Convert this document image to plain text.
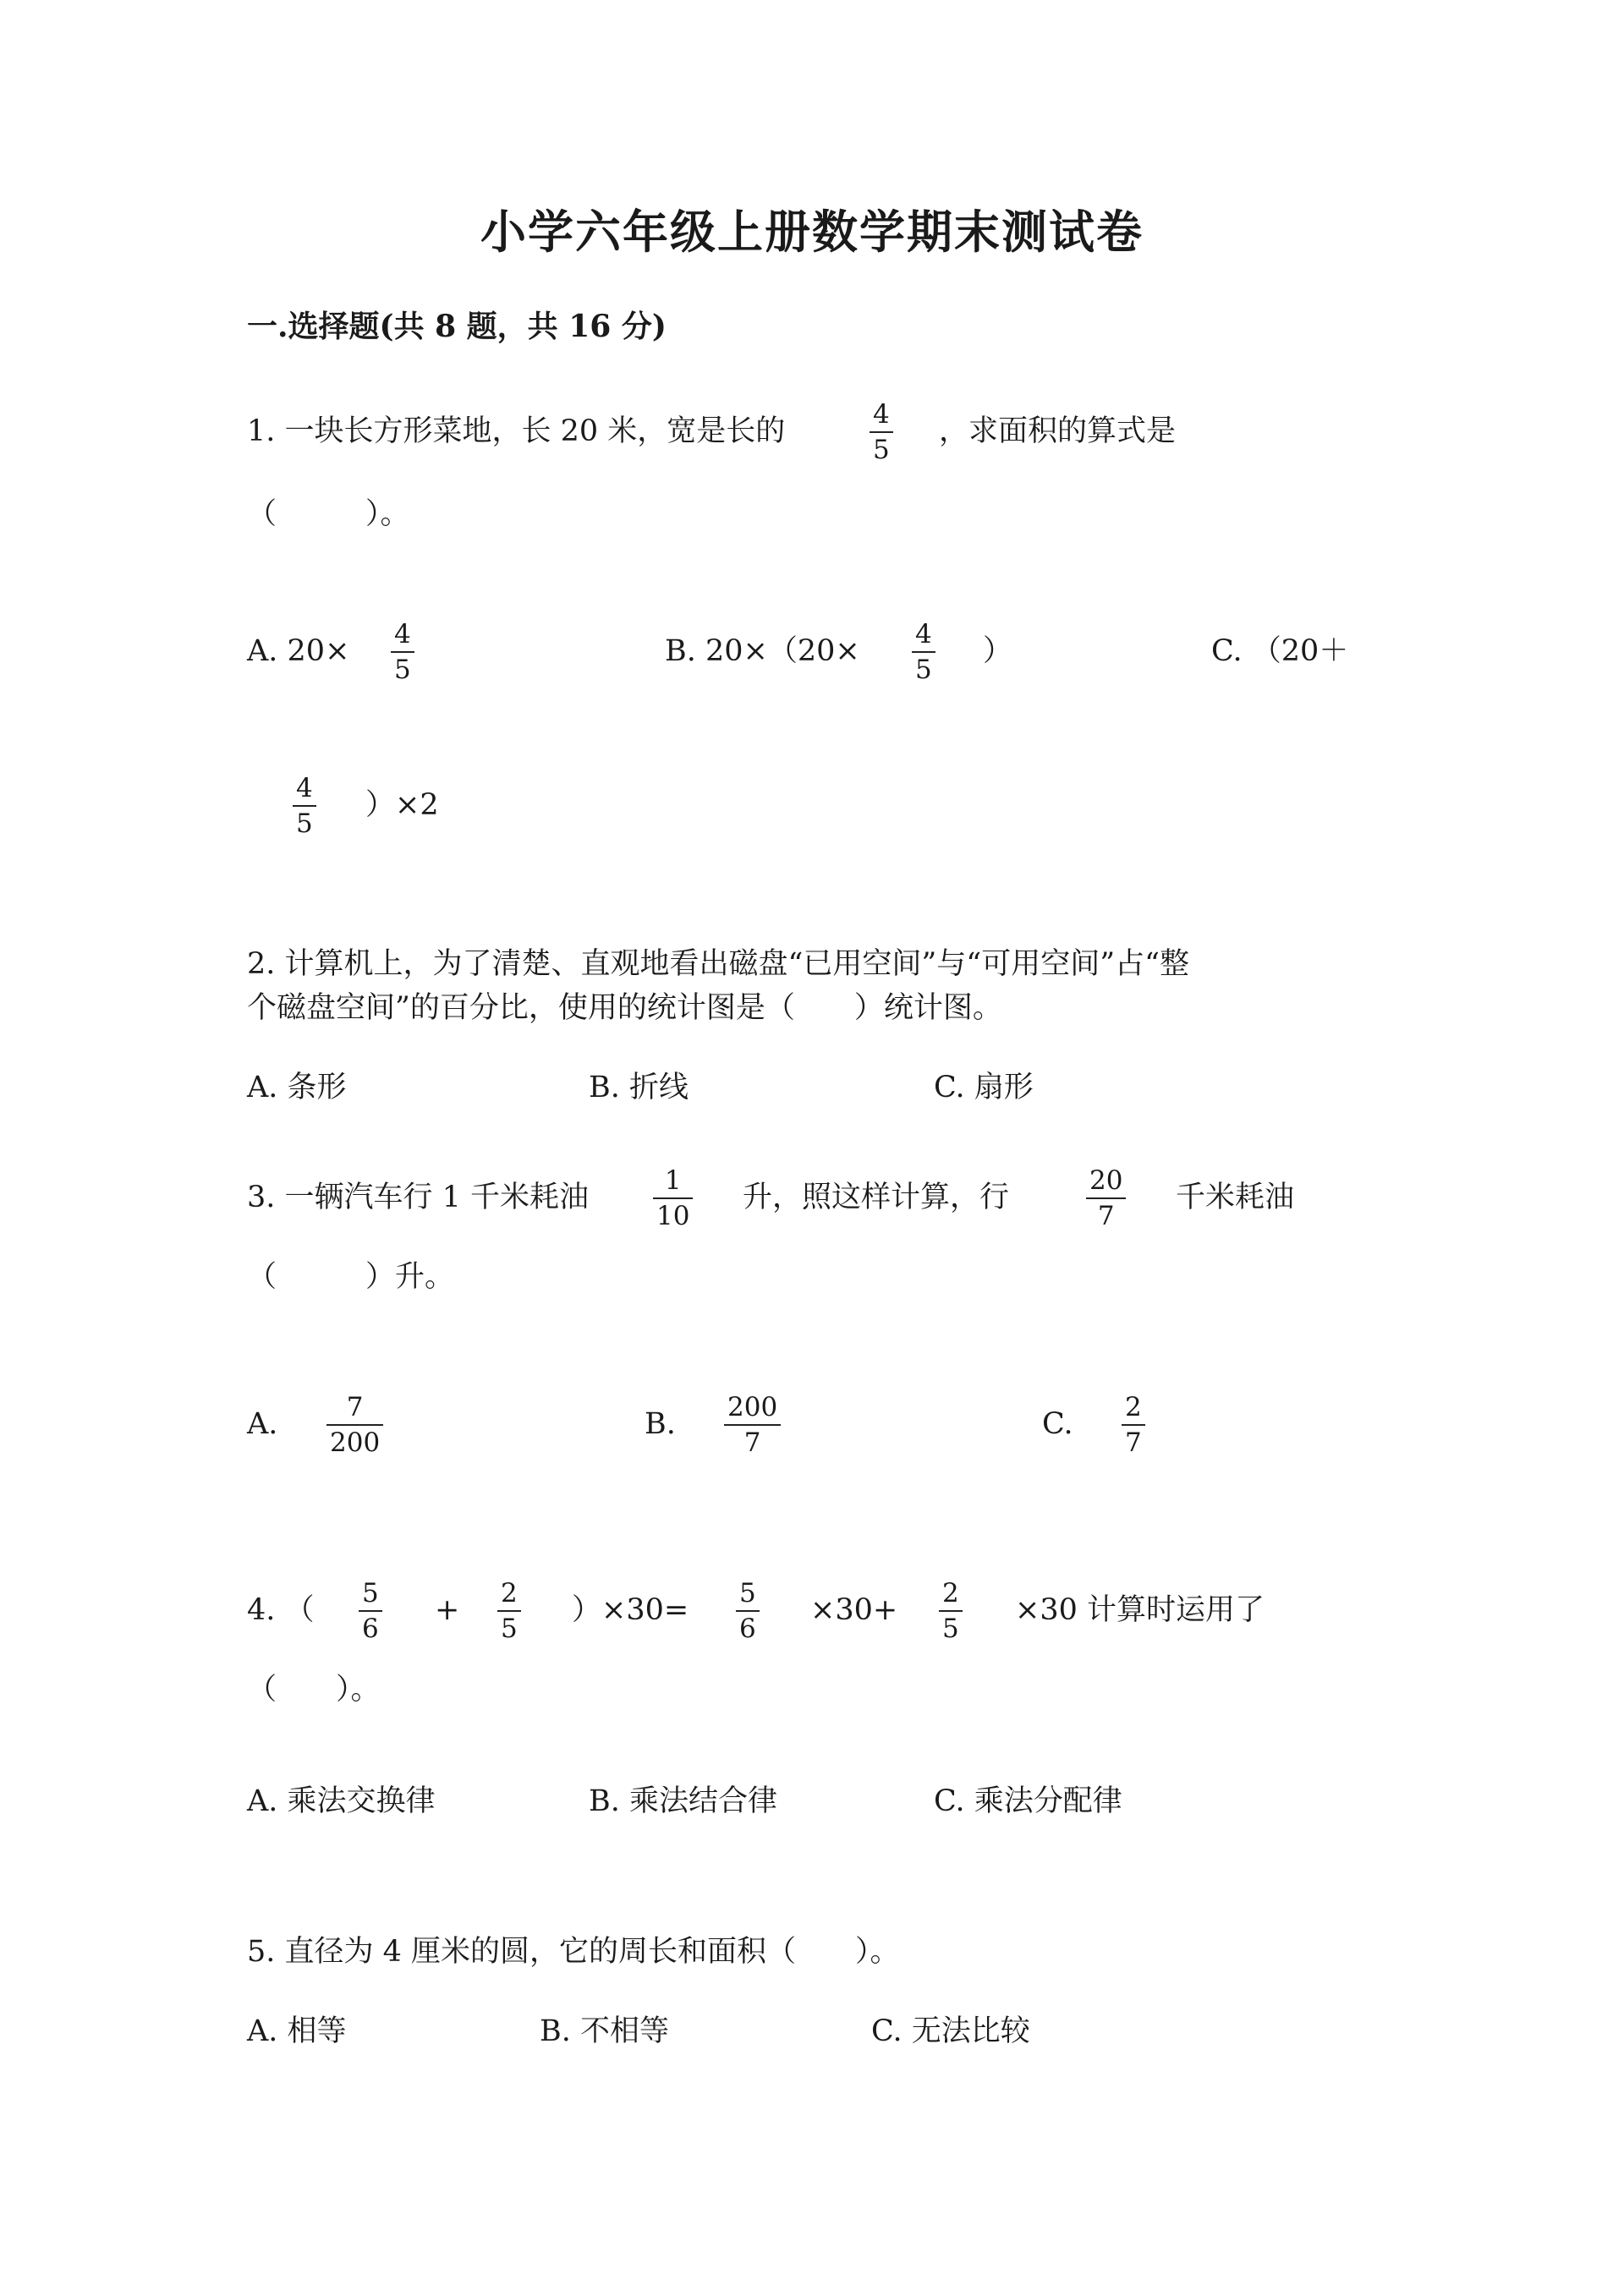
小学六年级上册数学期末测试卷
一.选择题(共 8 题，共 16 分)
1. 一块长方形菜地，长 20 米，宽是长的	4
5
，求面积的算式是
（　　　）。
A. 20× 4
5
B. 20×（20× 4
5
）	C. （20＋
4
5
）×2
2. 计算机上，为了清楚、直观地看出磁盘“已用空间”与“可用空间”占“整
个磁盘空间”的百分比，使用的统计图是（　　）统计图。
A. 条形	B. 折线	C. 扇形
3. 一辆汽车行 1 千米耗油	1
10
升，照这样计算，行	20
7
千米耗油
（　　　）升。
A.	7
200
B. 200
7
C. 2
7
4. （ 5
6
+ 2
5
）×30= 5
6
×30+ 2
5
×30 计算时运用了
（　　）。
A. 乘法交换律	B. 乘法结合律	C. 乘法分配律
5. 直径为 4 厘米的圆，它的周长和面积（　　）。
A. 相等	B. 不相等	C. 无法比较
